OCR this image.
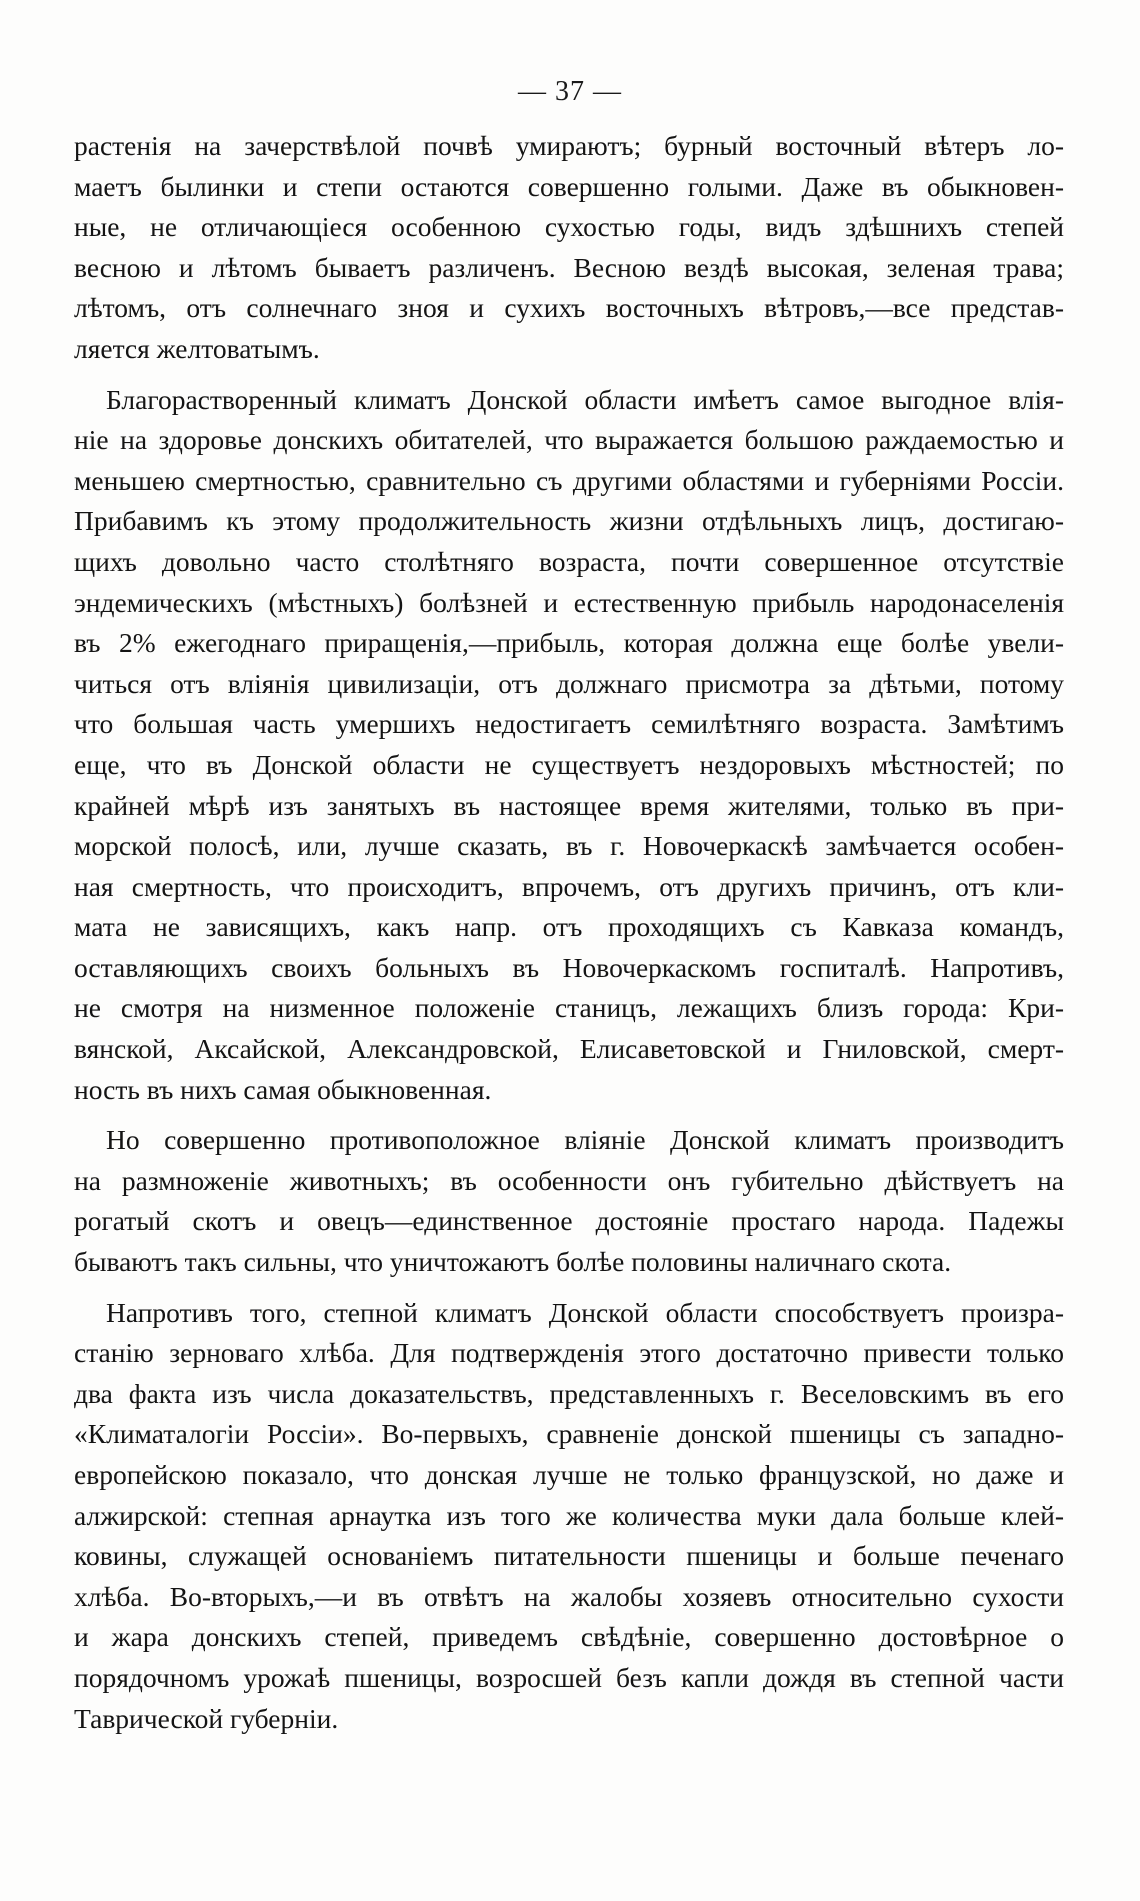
— 37 —
растенія на зачерствѣлой почвѣ умираютъ; бурный восточный вѣтеръ ло-
маетъ былинки и степи остаются совершенно голыми. Даже въ обыкновен-
ные, не отличающіеся особенною сухостью годы, видъ здѣшнихъ степей
весною и лѣтомъ бываетъ различенъ. Весною вездѣ высокая, зеленая трава;
лѣтомъ, отъ солнечнаго зноя и сухихъ восточныхъ вѣтровъ,—все представ-
ляется желтоватымъ.
Благорастворенный климатъ Донской области имѣетъ самое выгодное влія-
ніе на здоровье донскихъ обитателей, что выражается большою раждаемостью и
меньшею смертностью, сравнительно съ другими областями и губерніями Россіи.
Прибавимъ къ этому продолжительность жизни отдѣльныхъ лицъ, достигаю-
щихъ довольно часто столѣтняго возраста, почти совершенное отсутствіе
эндемическихъ (мѣстныхъ) болѣзней и естественную прибыль народонаселенія
въ 2% ежегоднаго приращенія,—прибыль, которая должна еще болѣе увели-
читься отъ вліянія цивилизаціи, отъ должнаго присмотра за дѣтьми, потому
что большая часть умершихъ недостигаетъ семилѣтняго возраста. Замѣтимъ
еще, что въ Донской области не существуетъ нездоровыхъ мѣстностей; по
крайней мѣрѣ изъ занятыхъ въ настоящее время жителями, только въ при-
морской полосѣ, или, лучше сказать, въ г. Новочеркаскѣ замѣчается особен-
ная смертность, что происходитъ, впрочемъ, отъ другихъ причинъ, отъ кли-
мата не зависящихъ, какъ напр. отъ проходящихъ съ Кавказа командъ,
оставляющихъ своихъ больныхъ въ Новочеркаскомъ госпиталѣ. Напротивъ,
не смотря на низменное положеніе станицъ, лежащихъ близъ города: Кри-
вянской, Аксайской, Александровской, Елисаветовской и Гниловской, смерт-
ность въ нихъ самая обыкновенная.
Но совершенно противоположное вліяніе Донской климатъ производитъ
на размноженіе животныхъ; въ особенности онъ губительно дѣйствуетъ на
рогатый скотъ и овецъ—единственное достояніе простаго народа. Падежы
бываютъ такъ сильны, что уничтожаютъ болѣе половины наличнаго скота.
Напротивъ того, степной климатъ Донской области способствуетъ произра-
станію зерноваго хлѣба. Для подтвержденія этого достаточно привести только
два факта изъ числа доказательствъ, представленныхъ г. Веселовскимъ въ его
«Климаталогіи Россіи». Во-первыхъ, сравненіе донской пшеницы съ западно-
европейскою показало, что донская лучше не только французской, но даже и
алжирской: степная арнаутка изъ того же количества муки дала больше клей-
ковины, служащей основаніемъ питательности пшеницы и больше печенаго
хлѣба. Во-вторыхъ,—и въ отвѣтъ на жалобы хозяевъ относительно сухости
и жара донскихъ степей, приведемъ свѣдѣніе, совершенно достовѣрное о
порядочномъ урожаѣ пшеницы, возросшей безъ капли дождя въ степной части
Таврической губерніи.
